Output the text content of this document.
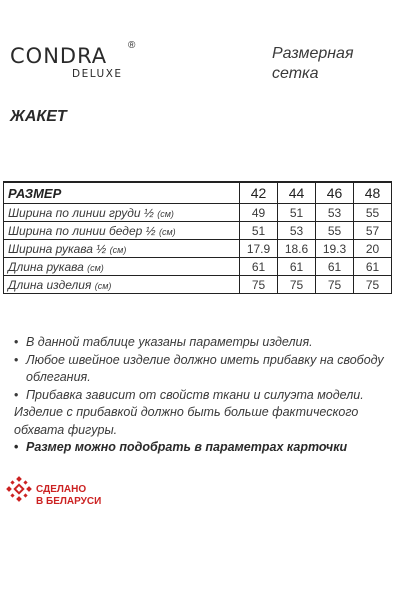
CONDRA	®
DELUXE
Размерная
сетка
ЖАКЕТ
РАЗМЕР	42	44	46	48
Ширина по линии груди ½ (см)	49	51	53	55
Ширина по линии бедер ½ (см)	51	53	55	57
Ширина рукава ½ (см)	17.9	18.6	19.3	20
Длина рукава (см)	61	61	61	61
Длина изделия (см)	75	75	75	75
• В данной таблице указаны параметры изделия.
• Любое швейное изделие должно иметь прибавку на свободу облегания.
• Прибавка зависит от свойств ткани и силуэта модели.
Изделие с прибавкой должно быть больше фактического обхвата фигуры.
• Размер можно подобрать в параметрах карточки
СДЕЛАНО
В БЕЛАРУСИ
